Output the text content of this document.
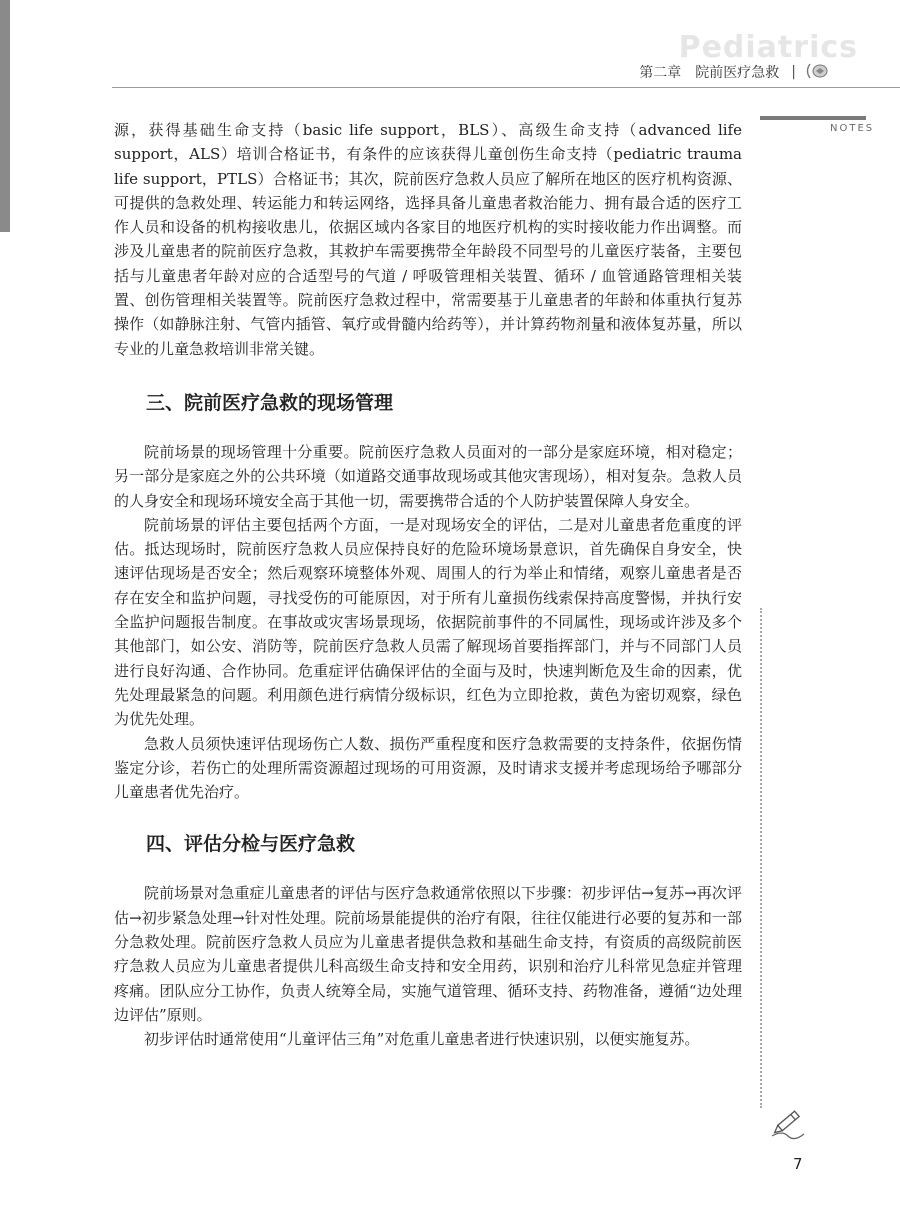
Pediatrics
第二章 院前医疗急救 |
NOTES

源，获得基础生命支持（basic life support，BLS）、高级生命支持（advanced life support，ALS）培训合格证书，有条件的应该获得儿童创伤生命支持（pediatric trauma life support，PTLS）合格证书；其次，院前医疗急救人员应了解所在地区的医疗机构资源、可提供的急救处理、转运能力和转运网络，选择具备儿童患者救治能力、拥有最合适的医疗工作人员和设备的机构接收患儿，依据区域内各家目的地医疗机构的实时接收能力作出调整。而涉及儿童患者的院前医疗急救，其救护车需要携带全年龄段不同型号的儿童医疗装备，主要包括与儿童患者年龄对应的合适型号的气道 / 呼吸管理相关装置、循环 / 血管通路管理相关装置、创伤管理相关装置等。院前医疗急救过程中，常需要基于儿童患者的年龄和体重执行复苏操作（如静脉注射、气管内插管、氧疗或骨髓内给药等），并计算药物剂量和液体复苏量，所以专业的儿童急救培训非常关键。

三、院前医疗急救的现场管理

院前场景的现场管理十分重要。院前医疗急救人员面对的一部分是家庭环境，相对稳定；另一部分是家庭之外的公共环境（如道路交通事故现场或其他灾害现场），相对复杂。急救人员的人身安全和现场环境安全高于其他一切，需要携带合适的个人防护装置保障人身安全。

院前场景的评估主要包括两个方面，一是对现场安全的评估，二是对儿童患者危重度的评估。抵达现场时，院前医疗急救人员应保持良好的危险环境场景意识，首先确保自身安全，快速评估现场是否安全；然后观察环境整体外观、周围人的行为举止和情绪，观察儿童患者是否存在安全和监护问题，寻找受伤的可能原因，对于所有儿童损伤线索保持高度警惕，并执行安全监护问题报告制度。在事故或灾害场景现场，依据院前事件的不同属性，现场或许涉及多个其他部门，如公安、消防等，院前医疗急救人员需了解现场首要指挥部门，并与不同部门人员进行良好沟通、合作协同。危重症评估确保评估的全面与及时，快速判断危及生命的因素，优先处理最紧急的问题。利用颜色进行病情分级标识，红色为立即抢救，黄色为密切观察，绿色为优先处理。

急救人员须快速评估现场伤亡人数、损伤严重程度和医疗急救需要的支持条件，依据伤情鉴定分诊，若伤亡的处理所需资源超过现场的可用资源，及时请求支援并考虑现场给予哪部分儿童患者优先治疗。

四、评估分检与医疗急救

院前场景对急重症儿童患者的评估与医疗急救通常依照以下步骤：初步评估→复苏→再次评估→初步紧急处理→针对性处理。院前场景能提供的治疗有限，往往仅能进行必要的复苏和一部分急救处理。院前医疗急救人员应为儿童患者提供急救和基础生命支持，有资质的高级院前医疗急救人员应为儿童患者提供儿科高级生命支持和安全用药，识别和治疗儿科常见急症并管理疼痛。团队应分工协作，负责人统筹全局，实施气道管理、循环支持、药物准备，遵循“边处理边评估”原则。

初步评估时通常使用“儿童评估三角”对危重儿童患者进行快速识别，以便实施复苏。

7
